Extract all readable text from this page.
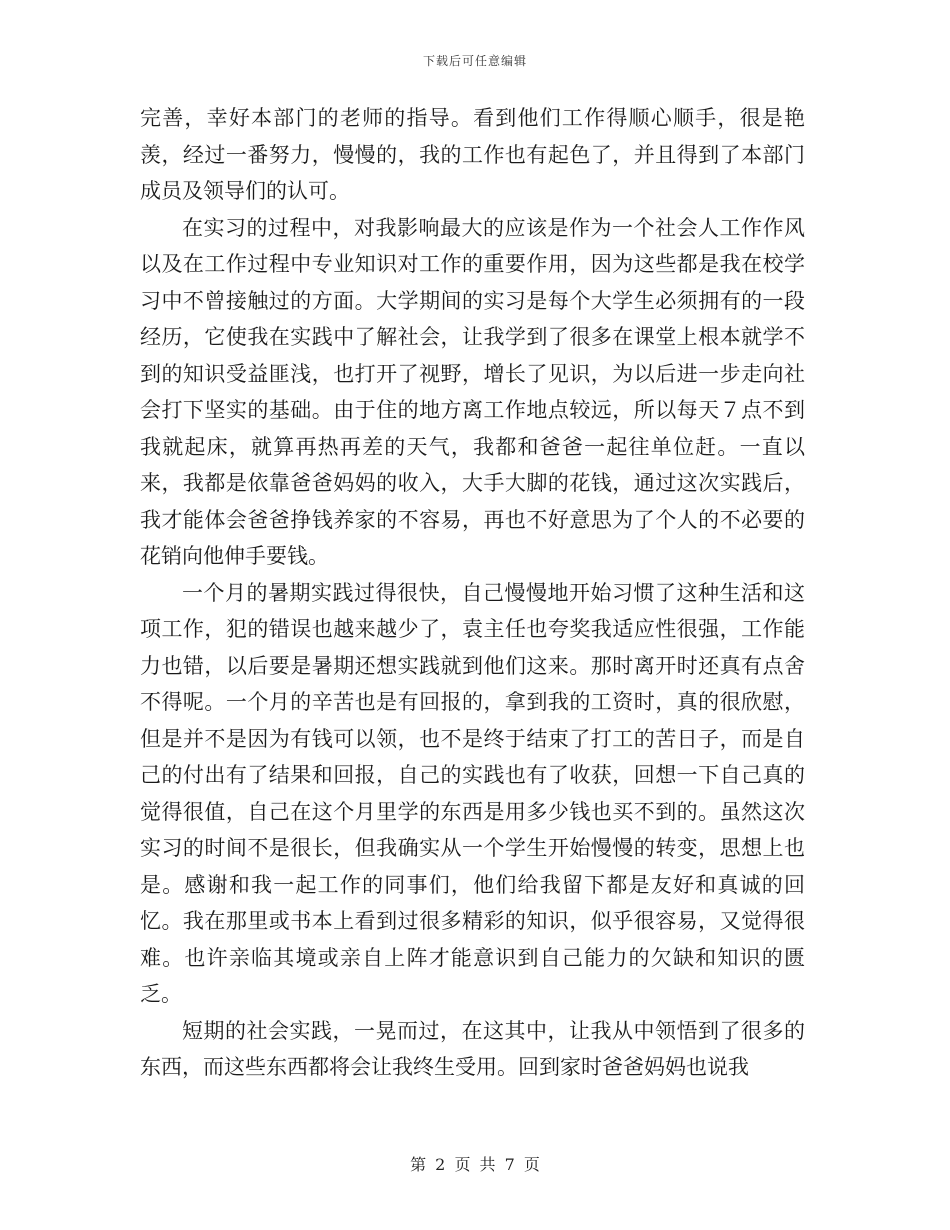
下载后可任意编辑

完善，幸好本部门的老师的指导。看到他们工作得顺心顺手，很是艳羡，经过一番努力，慢慢的，我的工作也有起色了，并且得到了本部门成员及领导们的认可。

在实习的过程中，对我影响最大的应该是作为一个社会人工作作风以及在工作过程中专业知识对工作的重要作用，因为这些都是我在校学习中不曾接触过的方面。大学期间的实习是每个大学生必须拥有的一段经历，它使我在实践中了解社会，让我学到了很多在课堂上根本就学不到的知识受益匪浅，也打开了视野，增长了见识，为以后进一步走向社会打下坚实的基础。由于住的地方离工作地点较远，所以每天７点不到我就起床，就算再热再差的天气，我都和爸爸一起往单位赶。一直以来，我都是依靠爸爸妈妈的收入，大手大脚的花钱，通过这次实践后，我才能体会爸爸挣钱养家的不容易，再也不好意思为了个人的不必要的花销向他伸手要钱。

一个月的暑期实践过得很快，自己慢慢地开始习惯了这种生活和这项工作，犯的错误也越来越少了，袁主任也夸奖我适应性很强，工作能力也错，以后要是暑期还想实践就到他们这来。那时离开时还真有点舍不得呢。一个月的辛苦也是有回报的，拿到我的工资时，真的很欣慰，但是并不是因为有钱可以领，也不是终于结束了打工的苦日子，而是自己的付出有了结果和回报，自己的实践也有了收获，回想一下自己真的觉得很值，自己在这个月里学的东西是用多少钱也买不到的。虽然这次实习的时间不是很长，但我确实从一个学生开始慢慢的转变，思想上也是。感谢和我一起工作的同事们，他们给我留下都是友好和真诚的回忆。我在那里或书本上看到过很多精彩的知识，似乎很容易，又觉得很难。也许亲临其境或亲自上阵才能意识到自己能力的欠缺和知识的匮乏。

短期的社会实践，一晃而过，在这其中，让我从中领悟到了很多的东西，而这些东西都将会让我终生受用。回到家时爸爸妈妈也说我

第 2 页 共 7 页
